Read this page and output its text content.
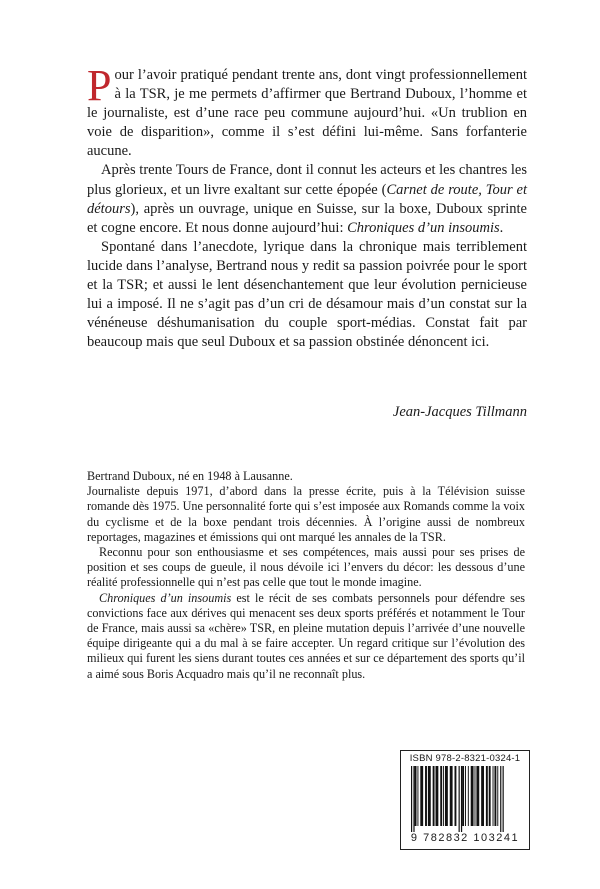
Pour l’avoir pratiqué pendant trente ans, dont vingt professionnellement à la TSR, je me permets d’affirmer que Bertrand Duboux, l’homme et le journaliste, est d’une race peu commune aujourd’hui. «Un trublion en voie de disparition», comme il s’est défini lui-même. Sans forfanterie aucune.

Après trente Tours de France, dont il connut les acteurs et les chantres les plus glorieux, et un livre exaltant sur cette épopée (Carnet de route, Tour et détours), après un ouvrage, unique en Suisse, sur la boxe, Duboux sprinte et cogne encore. Et nous donne aujourd’hui: Chroniques d’un insoumis.

Spontané dans l’anecdote, lyrique dans la chronique mais terriblement lucide dans l’analyse, Bertrand nous y redit sa passion poivrée pour le sport et la TSR; et aussi le lent désenchantement que leur évolution pernicieuse lui a imposé. Il ne s’agit pas d’un cri de désamour mais d’un constat sur la vénéneuse déshumanisation du couple sport-médias. Constat fait par beaucoup mais que seul Duboux et sa passion obstinée dénoncent ici.

Jean-Jacques Tillmann

Bertrand Duboux, né en 1948 à Lausanne.

Journaliste depuis 1971, d’abord dans la presse écrite, puis à la Télévision suisse romande dès 1975. Une personnalité forte qui s’est imposée aux Romands comme la voix du cyclisme et de la boxe pendant trois décennies. À l’origine aussi de nombreux reportages, magazines et émissions qui ont marqué les annales de la TSR.

Reconnu pour son enthousiasme et ses compétences, mais aussi pour ses prises de position et ses coups de gueule, il nous dévoile ici l’envers du décor: les dessous d’une réalité professionnelle qui n’est pas celle que tout le monde imagine.

Chroniques d’un insoumis est le récit de ses combats personnels pour défendre ses convictions face aux dérives qui menacent ses deux sports préférés et notamment le Tour de France, mais aussi sa «chère» TSR, en pleine mutation depuis l’arrivée d’une nouvelle équipe dirigeante qui a du mal à se faire accepter. Un regard critique sur l’évolution des milieux qui furent les siens durant toutes ces années et sur ce département des sports qu’il a aimé sous Boris Acquadro mais qu’il ne reconnaît plus.

ISBN 978-2-8321-0324-1
9 782832 103241
